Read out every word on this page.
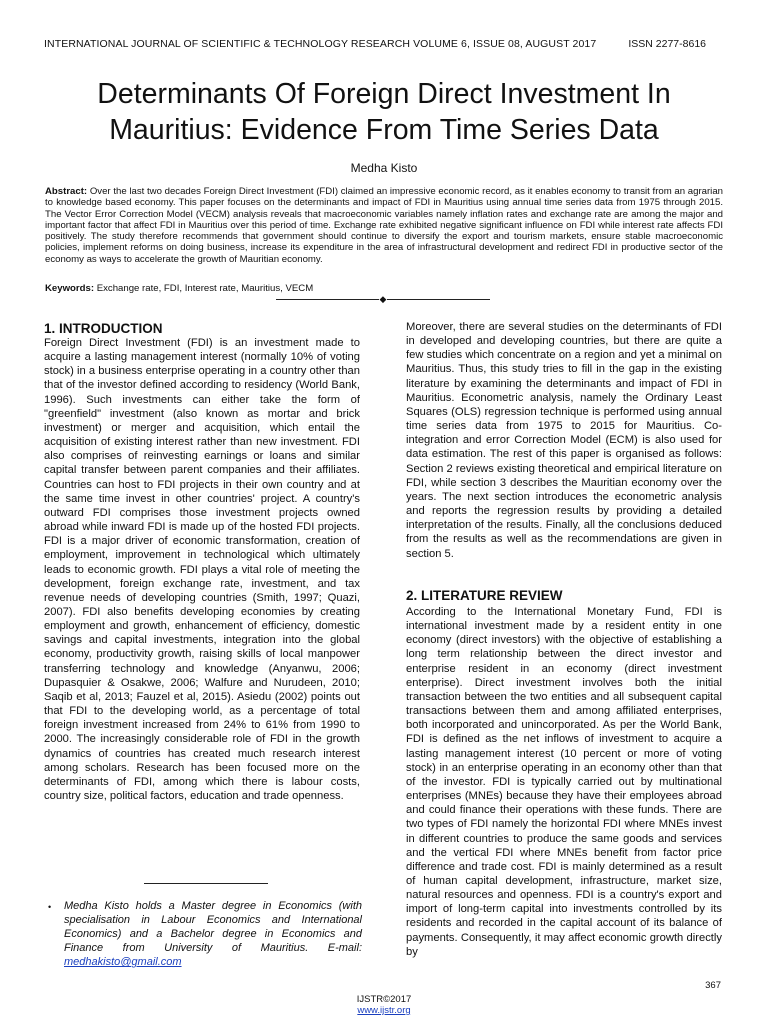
INTERNATIONAL JOURNAL OF SCIENTIFIC & TECHNOLOGY RESEARCH VOLUME 6, ISSUE 08, AUGUST 2017	ISSN 2277-8616
Determinants Of Foreign Direct Investment In Mauritius: Evidence From Time Series Data
Medha Kisto
Abstract: Over the last two decades Foreign Direct Investment (FDI) claimed an impressive economic record, as it enables economy to transit from an agrarian to knowledge based economy. This paper focuses on the determinants and impact of FDI in Mauritius using annual time series data from 1975 through 2015. The Vector Error Correction Model (VECM) analysis reveals that macroeconomic variables namely inflation rates and exchange rate are among the major and important factor that affect FDI in Mauritius over this period of time. Exchange rate exhibited negative significant influence on FDI while interest rate affects FDI positively. The study therefore recommends that government should continue to diversify the export and tourism markets, ensure stable macroeconomic policies, implement reforms on doing business, increase its expenditure in the area of infrastructural development and redirect FDI in productive sector of the economy as ways to accelerate the growth of Mauritian economy.
Keywords: Exchange rate, FDI, Interest rate, Mauritius, VECM
◆
1. INTRODUCTION

Foreign Direct Investment (FDI) is an investment made to acquire a lasting management interest (normally 10% of voting stock) in a business enterprise operating in a country other than that of the investor defined according to residency (World Bank, 1996). Such investments can either take the form of "greenfield" investment (also known as mortar and brick investment) or merger and acquisition, which entail the acquisition of existing interest rather than new investment. FDI also comprises of reinvesting earnings or loans and similar capital transfer between parent companies and their affiliates. Countries can host to FDI projects in their own country and at the same time invest in other countries' project. A country's outward FDI comprises those investment projects owned abroad while inward FDI is made up of the hosted FDI projects. FDI is a major driver of economic transformation, creation of employment, improvement in technological which ultimately leads to economic growth. FDI plays a vital role of meeting the development, foreign exchange rate, investment, and tax revenue needs of developing countries (Smith, 1997; Quazi, 2007). FDI also benefits developing economies by creating employment and growth, enhancement of efficiency, domestic savings and capital investments, integration into the global economy, productivity growth, raising skills of local manpower transferring technology and knowledge (Anyanwu, 2006; Dupasquier & Osakwe, 2006; Walfure and Nurudeen, 2010; Saqib et al, 2013; Fauzel et al, 2015). Asiedu (2002) points out that FDI to the developing world, as a percentage of total foreign investment increased from 24% to 61% from 1990 to 2000. The increasingly considerable role of FDI in the growth dynamics of countries has created much research interest among scholars. Research has been focused more on the determinants of FDI, among which there is labour costs, country size, political factors, education and trade openness.

Moreover, there are several studies on the determinants of FDI in developed and developing countries, but there are quite a few studies which concentrate on a region and yet a minimal on Mauritius. Thus, this study tries to fill in the gap in the existing literature by examining the determinants and impact of FDI in Mauritius. Econometric analysis, namely the Ordinary Least Squares (OLS) regression technique is performed using annual time series data from 1975 to 2015 for Mauritius. Co- integration and error Correction Model (ECM) is also used for data estimation. The rest of this paper is organised as follows: Section 2 reviews existing theoretical and empirical literature on FDI, while section 3 describes the Mauritian economy over the years. The next section introduces the econometric analysis and reports the regression results by providing a detailed interpretation of the results. Finally, all the conclusions deduced from the results as well as the recommendations are given in section 5.

2. LITERATURE REVIEW

According to the International Monetary Fund, FDI is international investment made by a resident entity in one economy (direct investors) with the objective of establishing a long term relationship between the direct investor and enterprise resident in an economy (direct investment enterprise). Direct investment involves both the initial transaction between the two entities and all subsequent capital transactions between them and among affiliated enterprises, both incorporated and unincorporated. As per the World Bank, FDI is defined as the net inflows of investment to acquire a lasting management interest (10 percent or more of voting stock) in an enterprise operating in an economy other than that of the investor. FDI is typically carried out by multinational enterprises (MNEs) because they have their employees abroad and could finance their operations with these funds. There are two types of FDI namely the horizontal FDI where MNEs invest in different countries to produce the same goods and services and the vertical FDI where MNEs benefit from factor price difference and trade cost. FDI is mainly determined as a result of human capital development, infrastructure, market size, natural resources and openness. FDI is a country's export and import of long-term capital into investments controlled by its residents and recorded in the capital account of its balance of payments. Consequently, it may affect economic growth directly by

•	Medha Kisto holds a Master degree in Economics (with specialisation in Labour Economics and International Economics) and a Bachelor degree in Economics and Finance from University of Mauritius. E-mail: medhakisto@gmail.com
367
IJSTR©2017
www.ijstr.org
